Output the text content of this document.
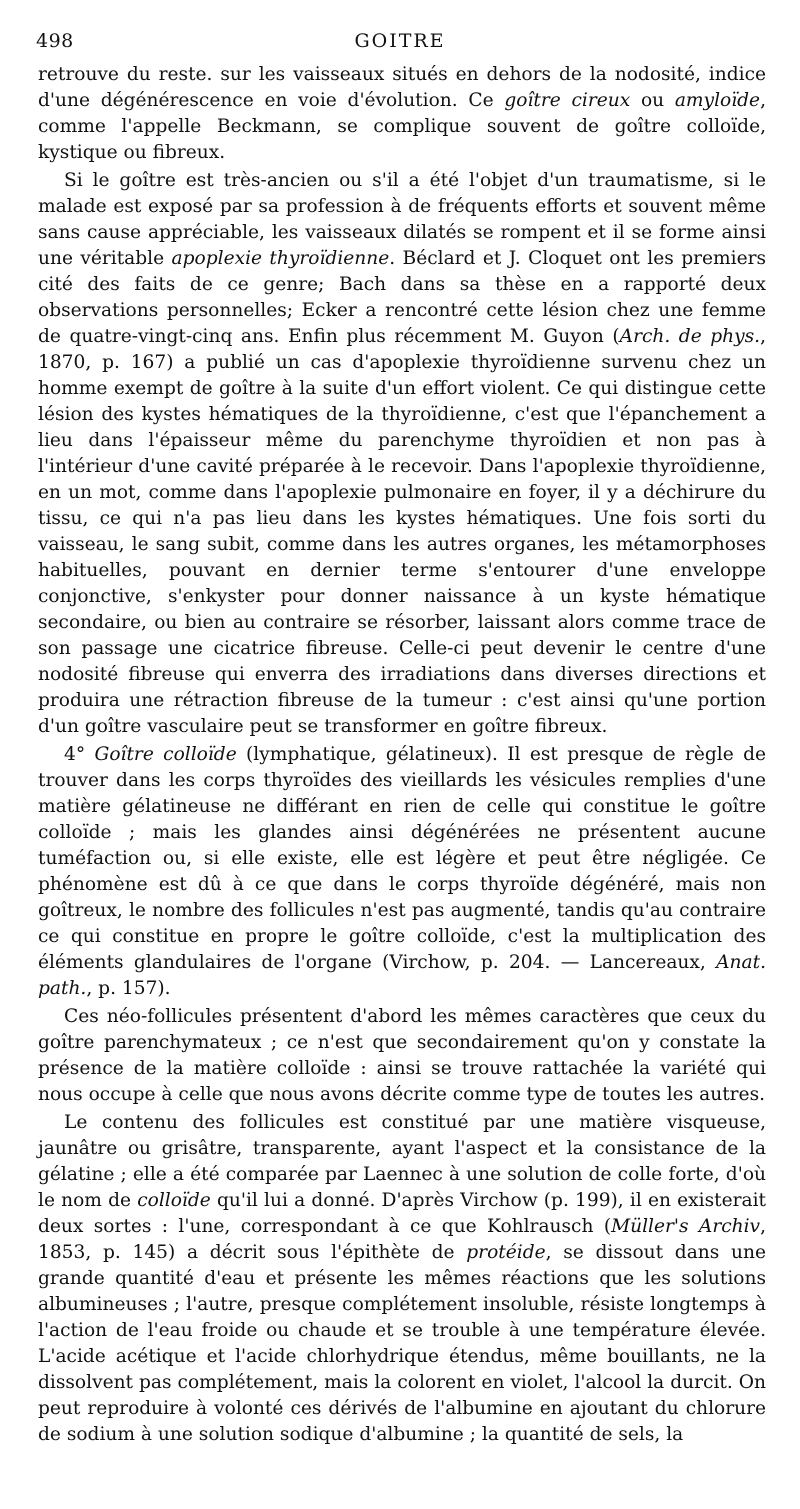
498	GOITRE

retrouve du reste. sur les vaisseaux situés en dehors de la nodosité, indice d'une dégénérescence en voie d'évolution. Ce goître cireux ou amyloïde, comme l'appelle Beckmann, se complique souvent de goître colloïde, kystique ou fibreux.

Si le goître est très-ancien ou s'il a été l'objet d'un traumatisme, si le malade est exposé par sa profession à de fréquents efforts et souvent même sans cause appréciable, les vaisseaux dilatés se rompent et il se forme ainsi une véritable apoplexie thyroïdienne. Béclard et J. Cloquet ont les premiers cité des faits de ce genre; Bach dans sa thèse en a rapporté deux observations personnelles; Ecker a rencontré cette lésion chez une femme de quatre-vingt-cinq ans. Enfin plus récemment M. Guyon (Arch. de phys., 1870, p. 167) a publié un cas d'apoplexie thyroïdienne survenu chez un homme exempt de goître à la suite d'un effort violent. Ce qui distingue cette lésion des kystes hématiques de la thyroïdienne, c'est que l'épanchement a lieu dans l'épaisseur même du parenchyme thyroïdien et non pas à l'intérieur d'une cavité préparée à le recevoir. Dans l'apoplexie thyroïdienne, en un mot, comme dans l'apoplexie pulmonaire en foyer, il y a déchirure du tissu, ce qui n'a pas lieu dans les kystes hématiques. Une fois sorti du vaisseau, le sang subit, comme dans les autres organes, les métamorphoses habituelles, pouvant en dernier terme s'entourer d'une enveloppe conjonctive, s'enkyster pour donner naissance à un kyste hématique secondaire, ou bien au contraire se résorber, laissant alors comme trace de son passage une cicatrice fibreuse. Celle-ci peut devenir le centre d'une nodosité fibreuse qui enverra des irradiations dans diverses directions et produira une rétraction fibreuse de la tumeur : c'est ainsi qu'une portion d'un goître vasculaire peut se transformer en goître fibreux.

4° Goître colloïde (lymphatique, gélatineux). Il est presque de règle de trouver dans les corps thyroïdes des vieillards les vésicules remplies d'une matière gélatineuse ne différant en rien de celle qui constitue le goître colloïde ; mais les glandes ainsi dégénérées ne présentent aucune tuméfaction ou, si elle existe, elle est légère et peut être négligée. Ce phénomène est dû à ce que dans le corps thyroïde dégénéré, mais non goîtreux, le nombre des follicules n'est pas augmenté, tandis qu'au contraire ce qui constitue en propre le goître colloïde, c'est la multiplication des éléments glandulaires de l'organe (Virchow, p. 204. — Lancereaux, Anat. path., p. 157).

Ces néo-follicules présentent d'abord les mêmes caractères que ceux du goître parenchymateux ; ce n'est que secondairement qu'on y constate la présence de la matière colloïde : ainsi se trouve rattachée la variété qui nous occupe à celle que nous avons décrite comme type de toutes les autres.

Le contenu des follicules est constitué par une matière visqueuse, jaunâtre ou grisâtre, transparente, ayant l'aspect et la consistance de la gélatine ; elle a été comparée par Laennec à une solution de colle forte, d'où le nom de colloïde qu'il lui a donné. D'après Virchow (p. 199), il en existerait deux sortes : l'une, correspondant à ce que Kohlrausch (Müller's Archiv, 1853, p. 145) a décrit sous l'épithète de protéide, se dissout dans une grande quantité d'eau et présente les mêmes réactions que les solutions albumineuses ; l'autre, presque complétement insoluble, résiste longtemps à l'action de l'eau froide ou chaude et se trouble à une température élevée. L'acide acétique et l'acide chlorhydrique étendus, même bouillants, ne la dissolvent pas complétement, mais la colorent en violet, l'alcool la durcit. On peut reproduire à volonté ces dérivés de l'albumine en ajoutant du chlorure de sodium à une solution sodique d'albumine ; la quantité de sels, la
